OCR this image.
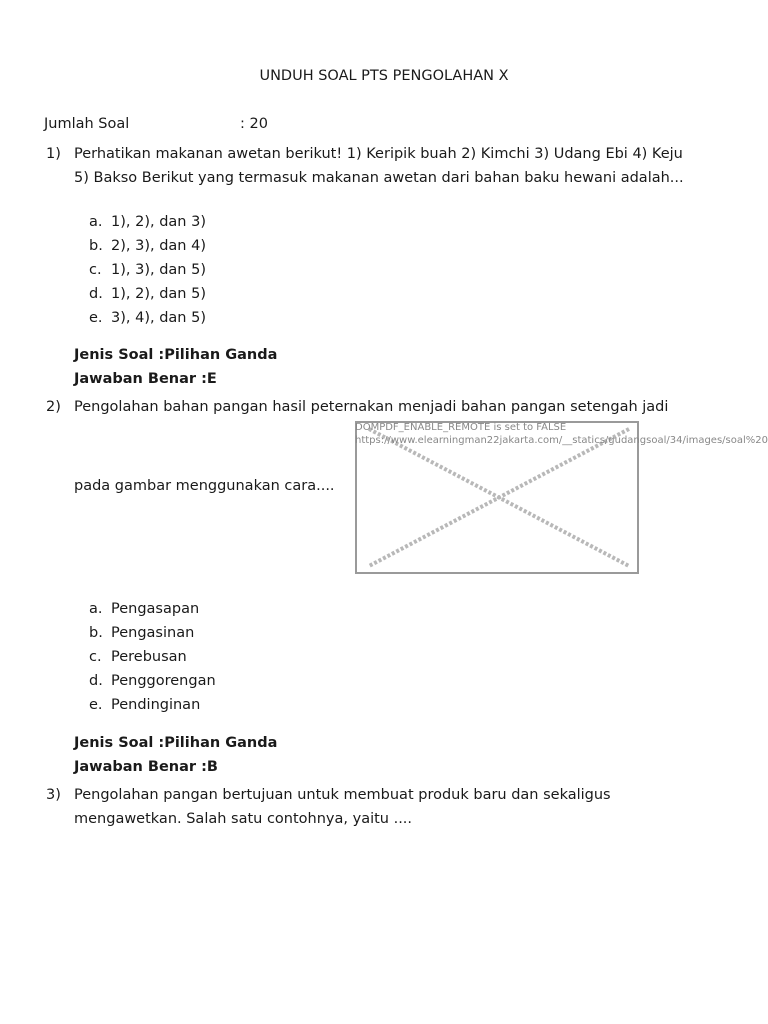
UNDUH SOAL PTS PENGOLAHAN X
Jumlah Soal	: 20
1) Perhatikan makanan awetan berikut! 1) Keripik buah 2) Kimchi 3) Udang Ebi 4) Keju
5) Bakso Berikut yang termasuk makanan awetan dari bahan baku hewani adalah...
a. 1), 2), dan 3)
b. 2), 3), dan 4)
c. 1), 3), dan 5)
d. 1), 2), dan 5)
e. 3), 4), dan 5)
Jenis Soal :Pilihan Ganda
Jawaban Benar :E
2) Pengolahan bahan pangan hasil peternakan menjadi bahan pangan setengah jadi
DOMPDF_ENABLE_REMOTE is set to FALSE
https://www.elearningman22jakarta.com/__statics/gudangsoal/34/images/soal%20
pada gambar menggunakan cara....
a. Pengasapan
b. Pengasinan
c. Perebusan
d. Penggorengan
e. Pendinginan
Jenis Soal :Pilihan Ganda
Jawaban Benar :B
3) Pengolahan pangan bertujuan untuk membuat produk baru dan sekaligus
mengawetkan. Salah satu contohnya, yaitu ....
